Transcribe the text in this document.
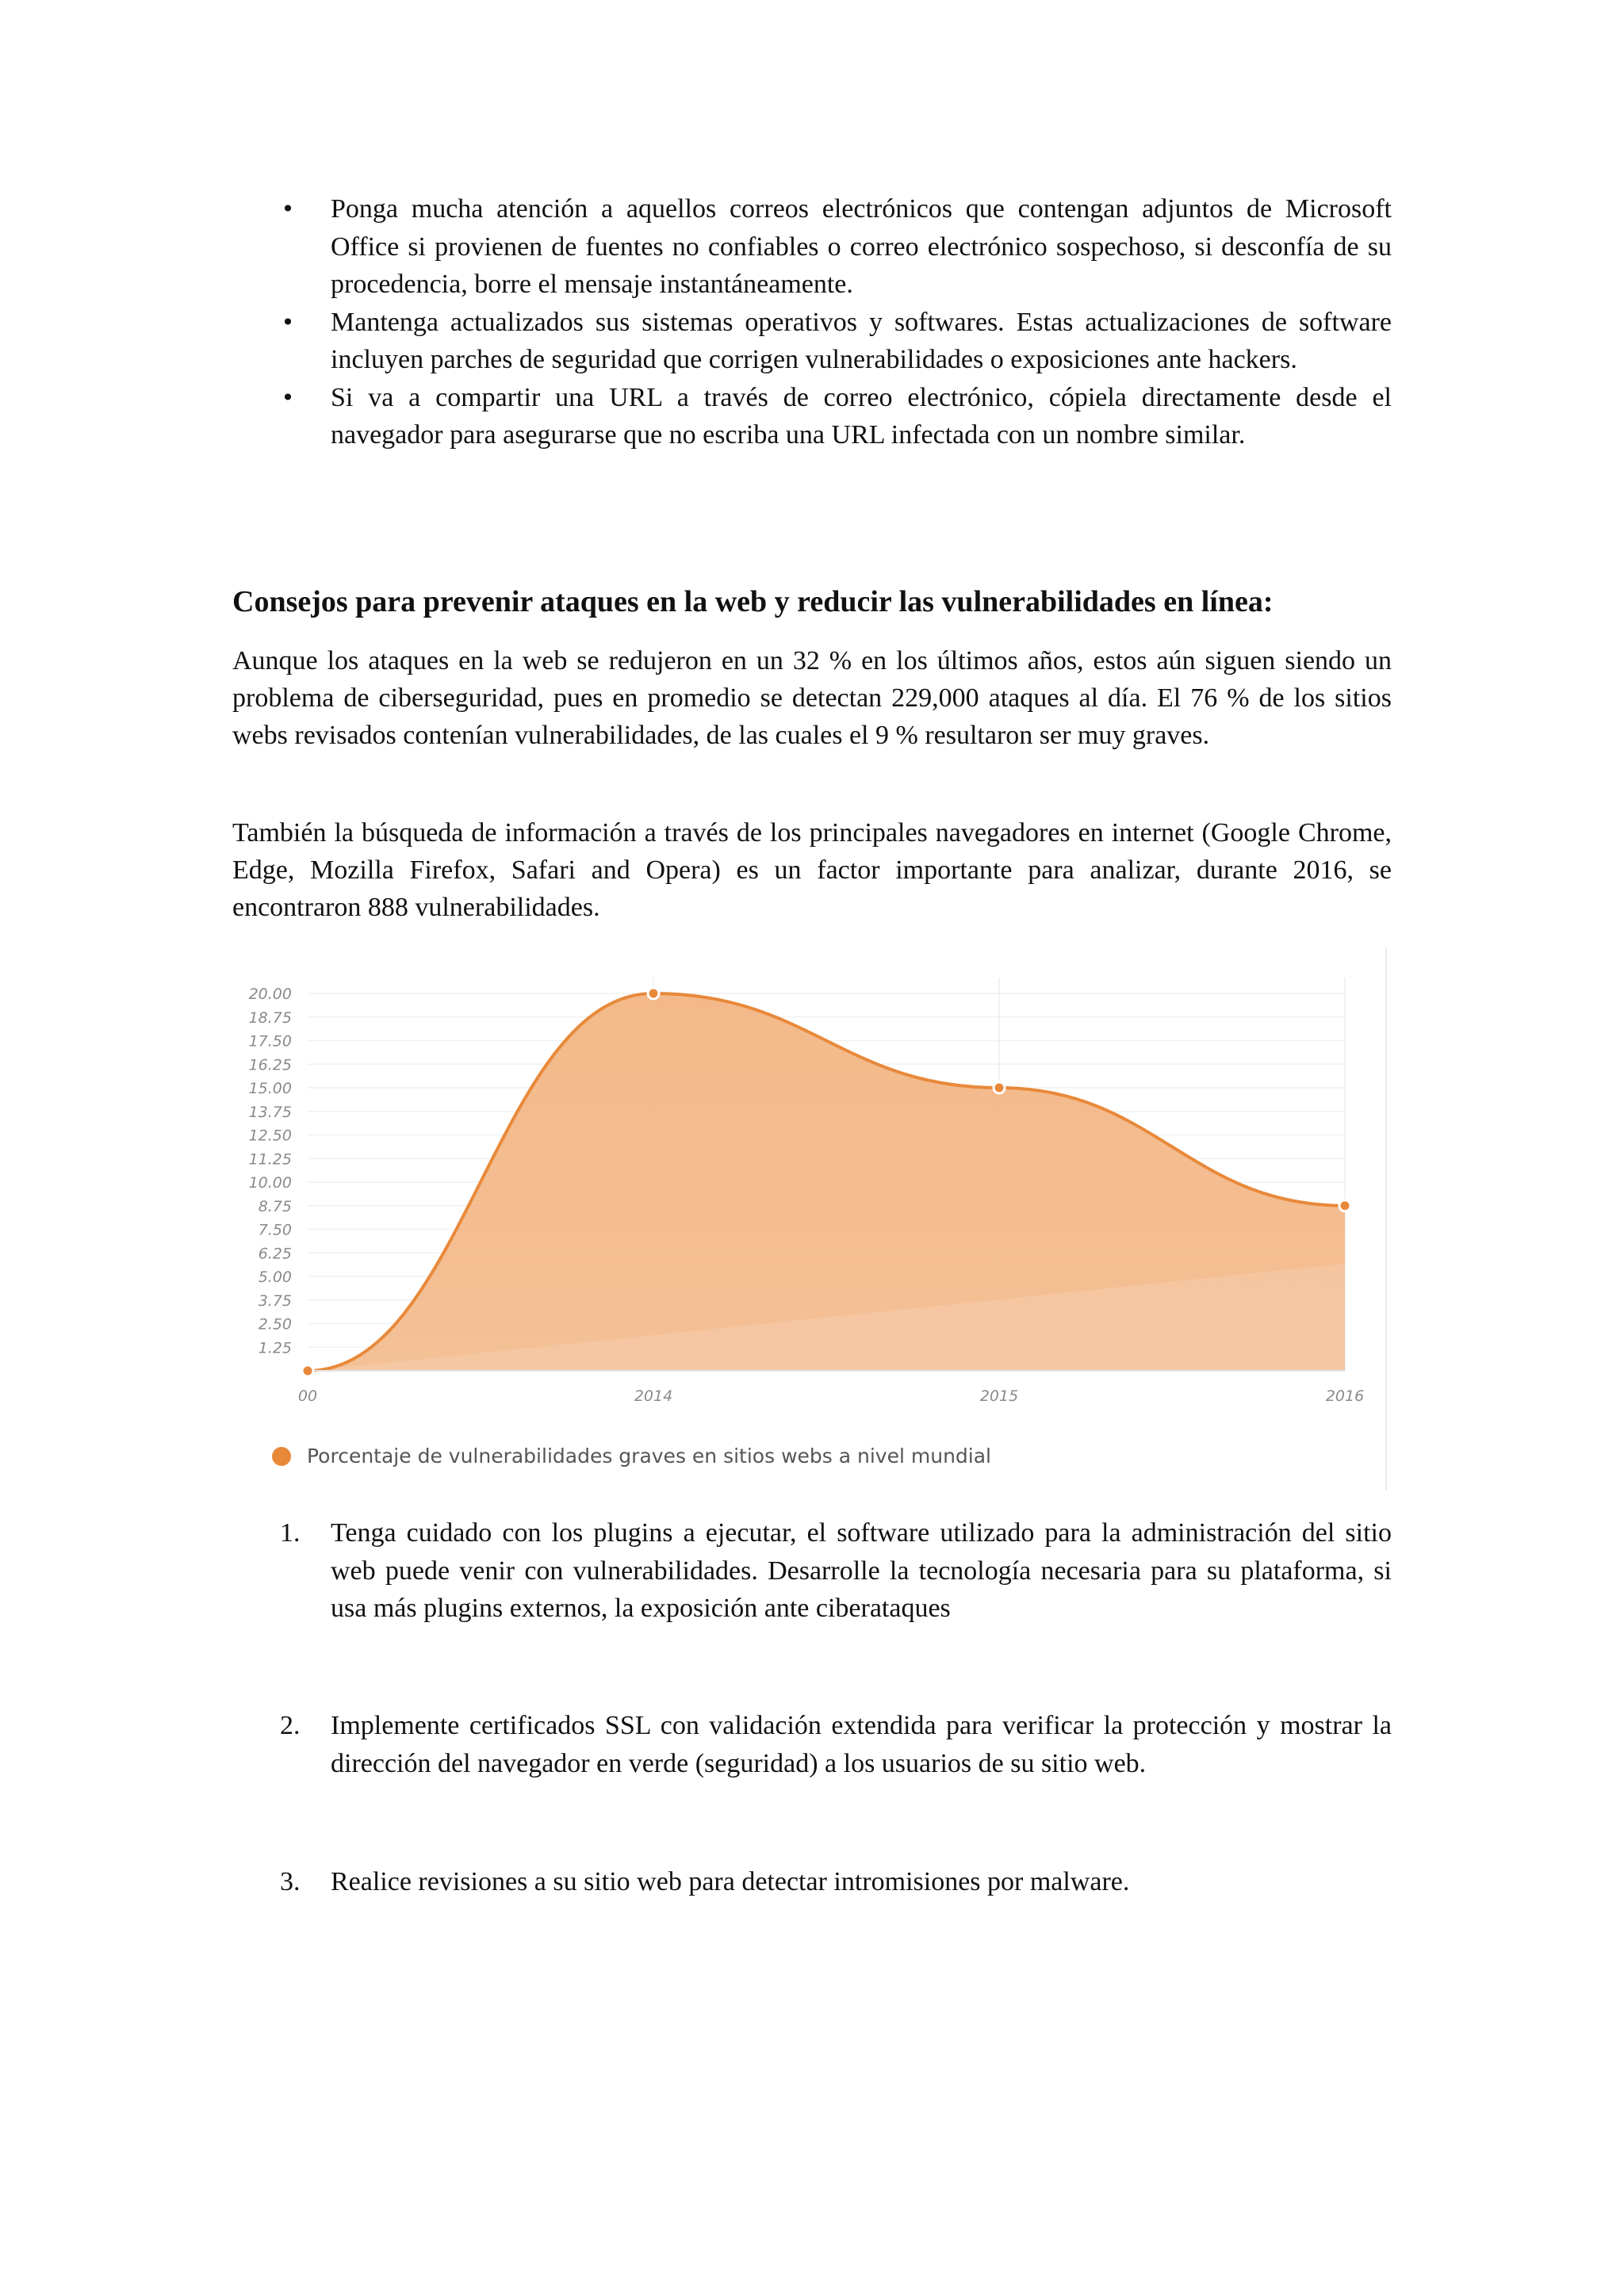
• Ponga mucha atención a aquellos correos electrónicos que contengan adjuntos de Microsoft Office si provienen de fuentes no confiables o correo electrónico sospechoso, si desconfía de su procedencia, borre el mensaje instantáneamente.
• Mantenga actualizados sus sistemas operativos y softwares. Estas actualizaciones de software incluyen parches de seguridad que corrigen vulnerabilidades o exposiciones ante hackers.
• Si va a compartir una URL a través de correo electrónico, cópiela directamente desde el navegador para asegurarse que no escriba una URL infectada con un nombre similar.
Consejos para prevenir ataques en la web y reducir las vulnerabilidades en línea:
Aunque los ataques en la web se redujeron en un 32 % en los últimos años, estos aún siguen siendo un problema de ciberseguridad, pues en promedio se detectan 229,000 ataques al día. El 76 % de los sitios webs revisados contenían vulnerabilidades, de las cuales el 9 % resultaron ser muy graves.
También la búsqueda de información a través de los principales navegadores en internet (Google Chrome, Edge, Mozilla Firefox, Safari and Opera) es un factor importante para analizar, durante 2016, se encontraron 888 vulnerabilidades.
1.25
2.50
3.75
5.00
6.25
7.50
8.75
10.00
11.25
12.50
13.75
15.00
16.25
17.50
18.75
20.00
00	2014	2015	2016
Porcentaje de vulnerabilidades graves en sitios webs a nivel mundial
1.	Tenga cuidado con los plugins a ejecutar, el software utilizado para la administración del sitio web puede venir con vulnerabilidades. Desarrolle la tecnología necesaria para su plataforma, si usa más plugins externos, la exposición ante ciberataques
2.	Implemente certificados SSL con validación extendida para verificar la protección y mostrar la dirección del navegador en verde (seguridad) a los usuarios de su sitio web.
3.	Realice revisiones a su sitio web para detectar intromisiones por malware.
